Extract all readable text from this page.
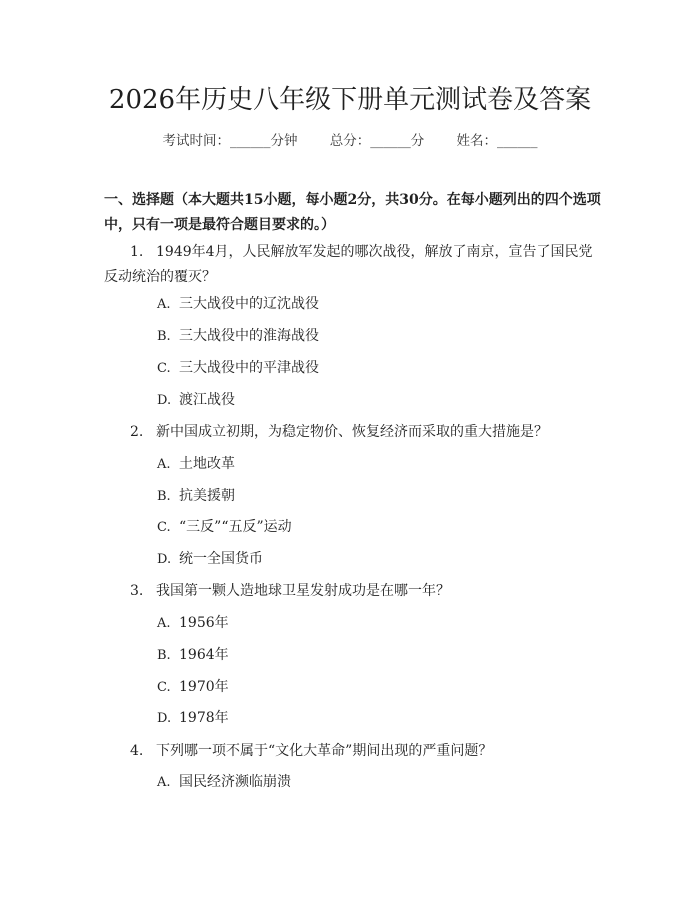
2026年历史八年级下册单元测试卷及答案
考试时间：______分钟 总分：______分 姓名：______
一、选择题（本大题共15小题，每小题2分，共30分。在每小题列出的四个选项中，只有一项是最符合题目要求的。）
1. 1949年4月，人民解放军发起的哪次战役，解放了南京，宣告了国民党反动统治的覆灭？
A. 三大战役中的辽沈战役
B. 三大战役中的淮海战役
C. 三大战役中的平津战役
D. 渡江战役
2. 新中国成立初期，为稳定物价、恢复经济而采取的重大措施是？
A. 土地改革
B. 抗美援朝
C. “三反”“五反”运动
D. 统一全国货币
3. 我国第一颗人造地球卫星发射成功是在哪一年？
A. 1956年
B. 1964年
C. 1970年
D. 1978年
4. 下列哪一项不属于“文化大革命”期间出现的严重问题？
A. 国民经济濒临崩溃
